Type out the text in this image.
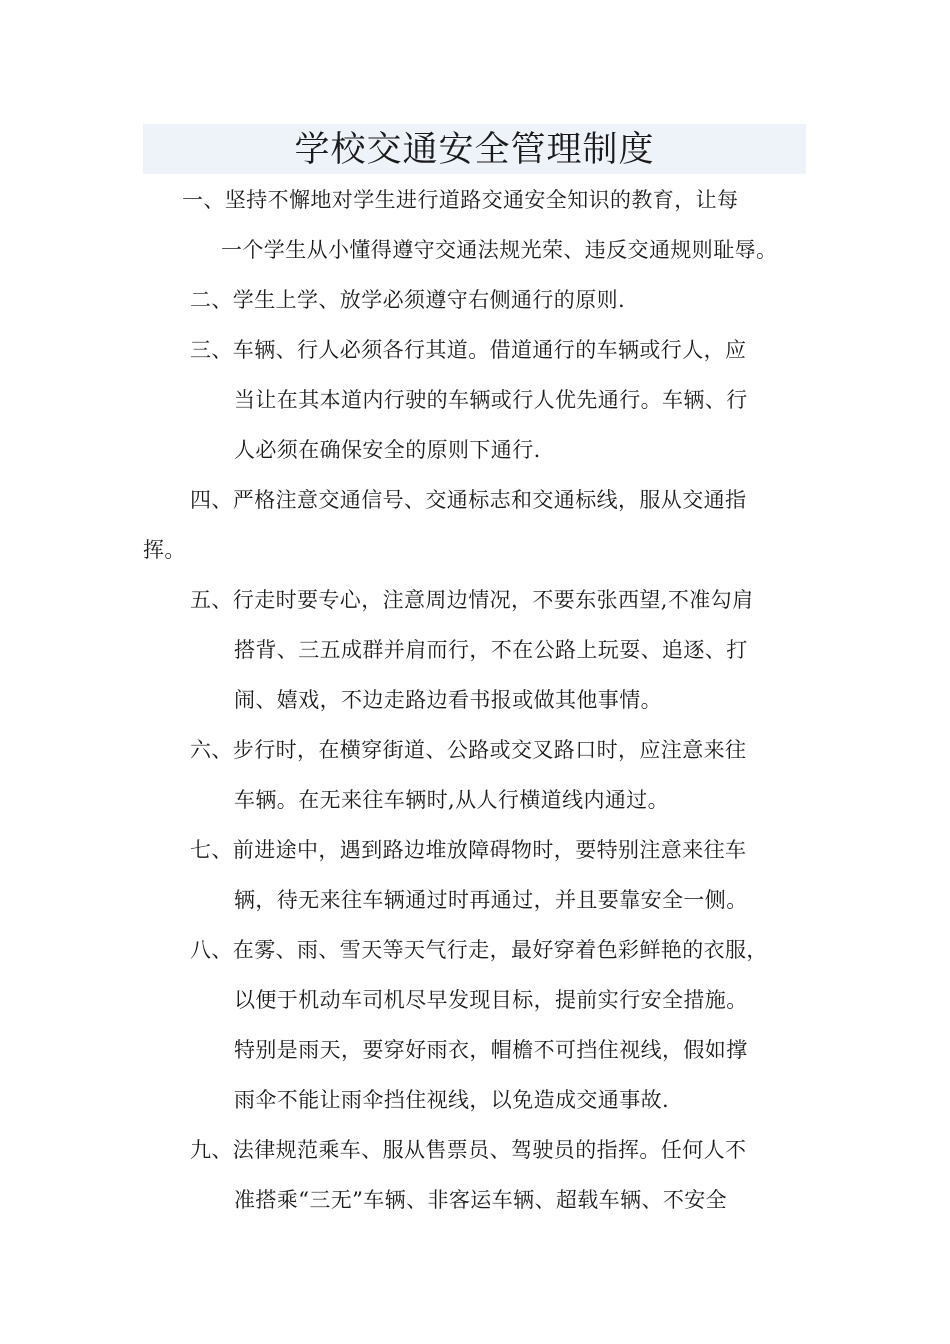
学校交通安全管理制度
一、坚持不懈地对学生进行道路交通安全知识的教育，让每
一个学生从小懂得遵守交通法规光荣、违反交通规则耻辱。
二、学生上学、放学必须遵守右侧通行的原则.
三、车辆、行人必须各行其道。借道通行的车辆或行人，应
当让在其本道内行驶的车辆或行人优先通行。车辆、行
人必须在确保安全的原则下通行.
四、严格注意交通信号、交通标志和交通标线，服从交通指
挥。
五、行走时要专心，注意周边情况，不要东张西望,不准勾肩
搭背、三五成群并肩而行，不在公路上玩耍、追逐、打
闹、嬉戏，不边走路边看书报或做其他事情。
六、步行时，在横穿街道、公路或交叉路口时，应注意来往
车辆。在无来往车辆时,从人行横道线内通过。
七、前进途中，遇到路边堆放障碍物时，要特别注意来往车
辆，待无来往车辆通过时再通过，并且要靠安全一侧。
八、在雾、雨、雪天等天气行走，最好穿着色彩鲜艳的衣服，
以便于机动车司机尽早发现目标，提前实行安全措施。
特别是雨天，要穿好雨衣，帽檐不可挡住视线，假如撑
雨伞不能让雨伞挡住视线，以免造成交通事故.
九、法律规范乘车、服从售票员、驾驶员的指挥。任何人不
准搭乘“三无”车辆、非客运车辆、超载车辆、不安全
